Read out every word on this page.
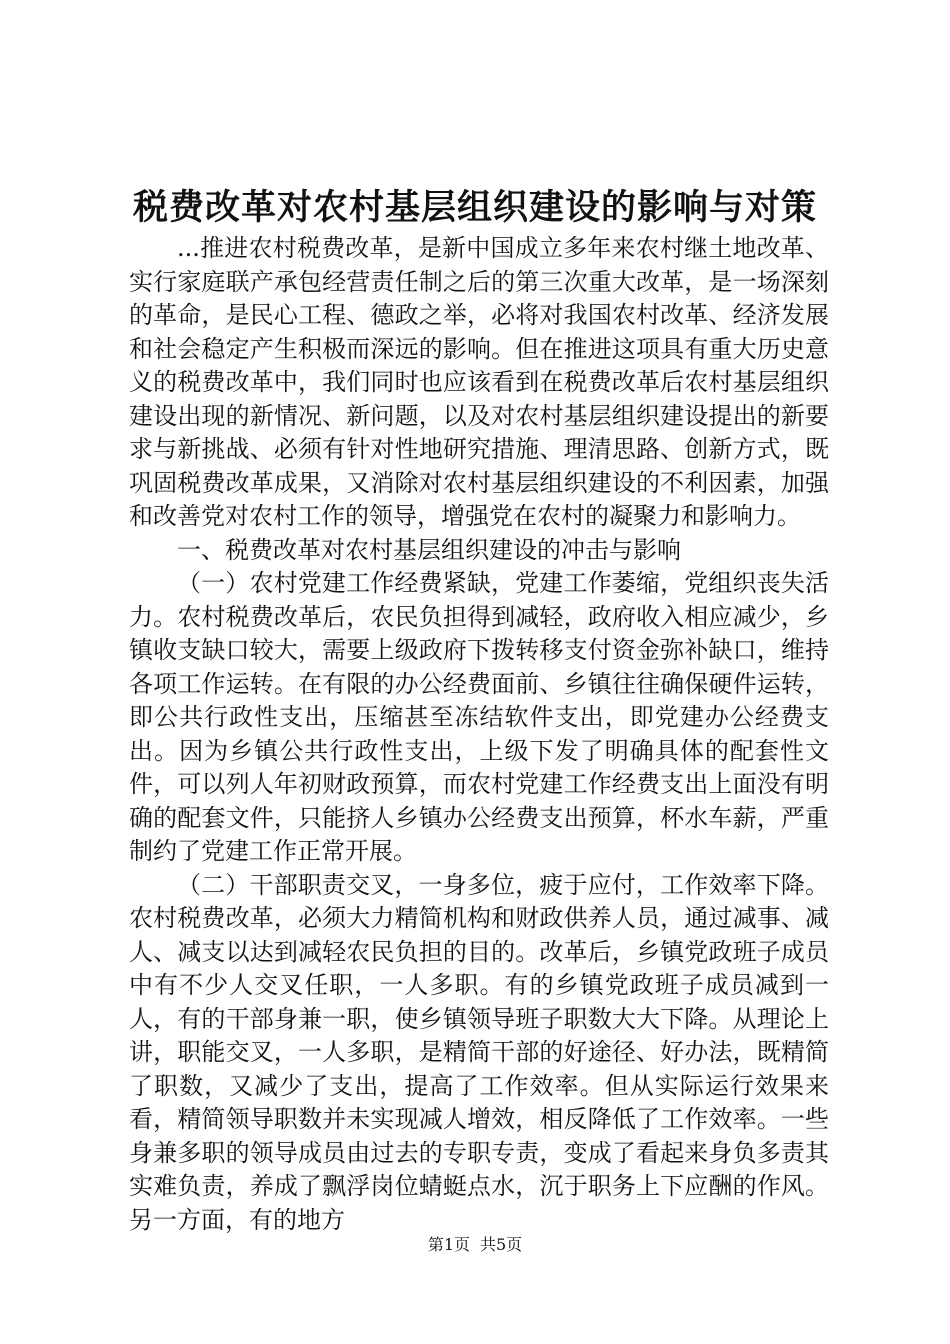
税费改革对农村基层组织建设的影响与对策

...推进农村税费改革，是新中国成立多年来农村继土地改革、实行家庭联产承包经营责任制之后的第三次重大改革，是一场深刻的革命，是民心工程、德政之举，必将对我国农村改革、经济发展和社会稳定产生积极而深远的影响。但在推进这项具有重大历史意义的税费改革中，我们同时也应该看到在税费改革后农村基层组织建设出现的新情况、新问题，以及对农村基层组织建设提出的新要求与新挑战、必须有针对性地研究措施、理清思路、创新方式，既巩固税费改革成果，又消除对农村基层组织建设的不利因素，加强和改善党对农村工作的领导，增强党在农村的凝聚力和影响力。

一、税费改革对农村基层组织建设的冲击与影响

（一）农村党建工作经费紧缺，党建工作萎缩，党组织丧失活力。农村税费改革后，农民负担得到减轻，政府收入相应减少，乡镇收支缺口较大，需要上级政府下拨转移支付资金弥补缺口，维持各项工作运转。在有限的办公经费面前、乡镇往往确保硬件运转，即公共行政性支出，压缩甚至冻结软件支出，即党建办公经费支出。因为乡镇公共行政性支出，上级下发了明确具体的配套性文件，可以列人年初财政预算，而农村党建工作经费支出上面没有明确的配套文件，只能挤人乡镇办公经费支出预算，杯水车薪，严重制约了党建工作正常开展。

（二）干部职责交叉，一身多位，疲于应付，工作效率下降。农村税费改革，必须大力精简机构和财政供养人员，通过减事、减人、减支以达到减轻农民负担的目的。改革后，乡镇党政班子成员中有不少人交叉任职，一人多职。有的乡镇党政班子成员减到一人，有的干部身兼一职，使乡镇领导班子职数大大下降。从理论上讲，职能交叉，一人多职，是精简干部的好途径、好办法，既精简了职数，又减少了支出，提高了工作效率。但从实际运行效果来看，精简领导职数并未实现减人增效，相反降低了工作效率。一些身兼多职的领导成员由过去的专职专责，变成了看起来身负多责其实难负责，养成了飘浮岗位蜻蜓点水，沉于职务上下应酬的作风。另一方面，有的地方

第1页 共5页
